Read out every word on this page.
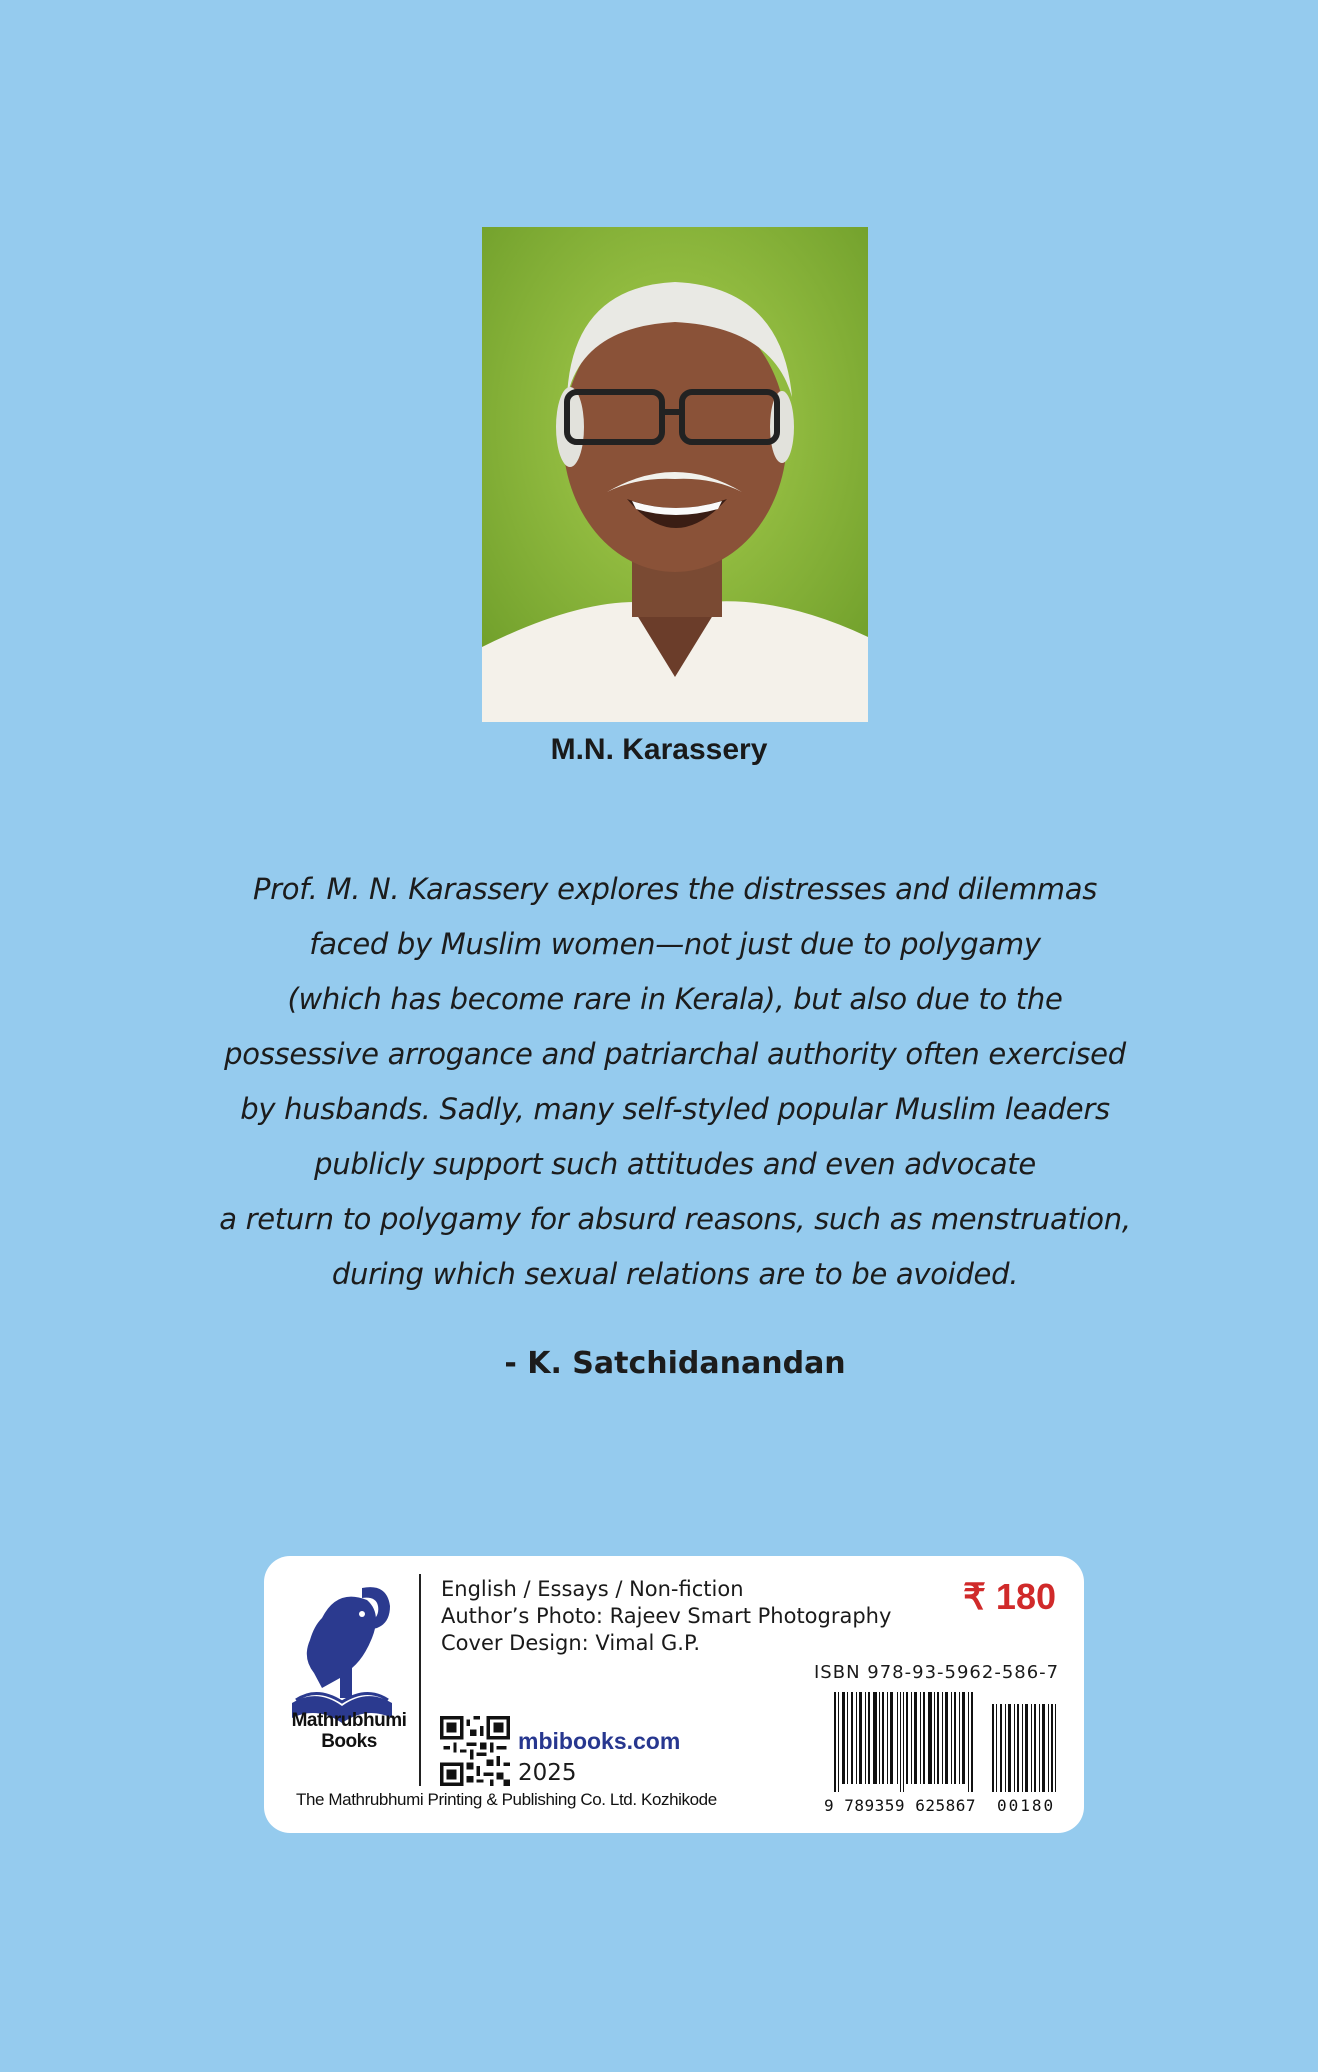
M.N. Karassery

Prof. M. N. Karassery explores the distresses and dilemmas
faced by Muslim women—not just due to polygamy
(which has become rare in Kerala), but also due to the
possessive arrogance and patriarchal authority often exercised
by husbands. Sadly, many self-styled popular Muslim leaders
publicly support such attitudes and even advocate
a return to polygamy for absurd reasons, such as menstruation,
during which sexual relations are to be avoided.

- K. Satchidanandan
Mathrubhumi
Books
English / Essays / Non-fiction
Author’s Photo: Rajeev Smart Photography
Cover Design: Vimal G.P.
₹ 180
ISBN 978-93-5962-586-7
mbibooks.com
2025
The Mathrubhumi Printing & Publishing Co. Ltd. Kozhikode	9 789359 625867 00180
